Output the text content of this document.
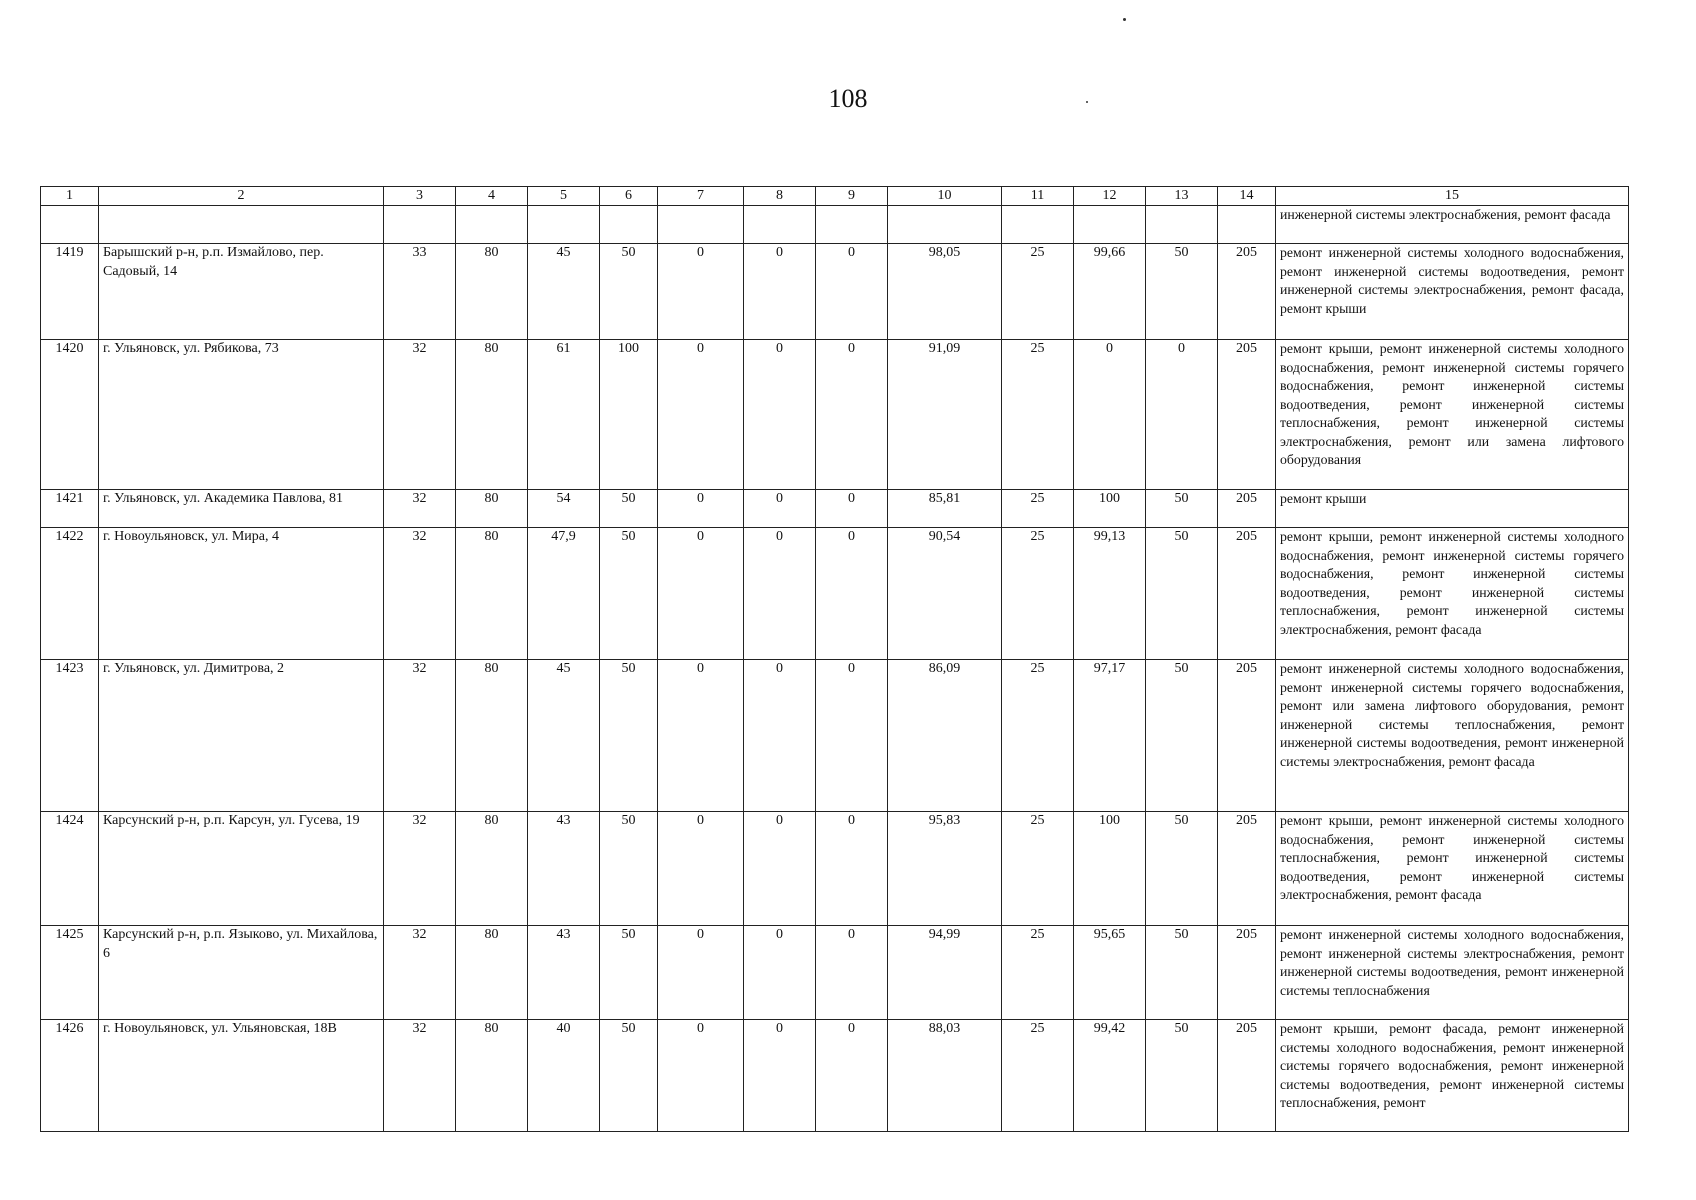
108
1	2	3	4	5	6	7	8	9	10	11	12	13	14	15
														инженерной системы электроснабжения, ремонт фасада
1419	Барышский р-н, р.п. Измайлово, пер. Садовый, 14	33	80	45	50	0	0	0	98,05	25	99,66	50	205	ремонт инженерной системы холодного водоснабжения, ремонт инженерной системы водоотведения, ремонт инженерной системы электроснабжения, ремонт фасада, ремонт крыши
1420	г. Ульяновск, ул. Рябикова, 73	32	80	61	100	0	0	0	91,09	25	0	0	205	ремонт крыши, ремонт инженерной системы холодного водоснабжения, ремонт инженерной системы горячего водоснабжения, ремонт инженерной системы водоотведения, ремонт инженерной системы теплоснабжения, ремонт инженерной системы электроснабжения, ремонт или замена лифтового оборудования
1421	г. Ульяновск, ул. Академика Павлова, 81	32	80	54	50	0	0	0	85,81	25	100	50	205	ремонт крыши
1422	г. Новоульяновск, ул. Мира, 4	32	80	47,9	50	0	0	0	90,54	25	99,13	50	205	ремонт крыши, ремонт инженерной системы холодного водоснабжения, ремонт инженерной системы горячего водоснабжения, ремонт инженерной системы водоотведения, ремонт инженерной системы теплоснабжения, ремонт инженерной системы электроснабжения, ремонт фасада
1423	г. Ульяновск, ул. Димитрова, 2	32	80	45	50	0	0	0	86,09	25	97,17	50	205	ремонт инженерной системы холодного водоснабжения, ремонт инженерной системы горячего водоснабжения, ремонт или замена лифтового оборудования, ремонт инженерной системы теплоснабжения, ремонт инженерной системы водоотведения, ремонт инженерной системы электроснабжения, ремонт фасада
1424	Карсунский р-н, р.п. Карсун, ул. Гусева, 19	32	80	43	50	0	0	0	95,83	25	100	50	205	ремонт крыши, ремонт инженерной системы холодного водоснабжения, ремонт инженерной системы теплоснабжения, ремонт инженерной системы водоотведения, ремонт инженерной системы электроснабжения, ремонт фасада
1425	Карсунский р-н, р.п. Языково, ул. Михайлова, 6	32	80	43	50	0	0	0	94,99	25	95,65	50	205	ремонт инженерной системы холодного водоснабжения, ремонт инженерной системы электроснабжения, ремонт инженерной системы водоотведения, ремонт инженерной системы теплоснабжения
1426	г. Новоульяновск, ул. Ульяновская, 18В	32	80	40	50	0	0	0	88,03	25	99,42	50	205	ремонт крыши, ремонт фасада, ремонт инженерной системы холодного водоснабжения, ремонт инженерной системы горячего водоснабжения, ремонт инженерной системы водоотведения, ремонт инженерной системы теплоснабжения, ремонт
